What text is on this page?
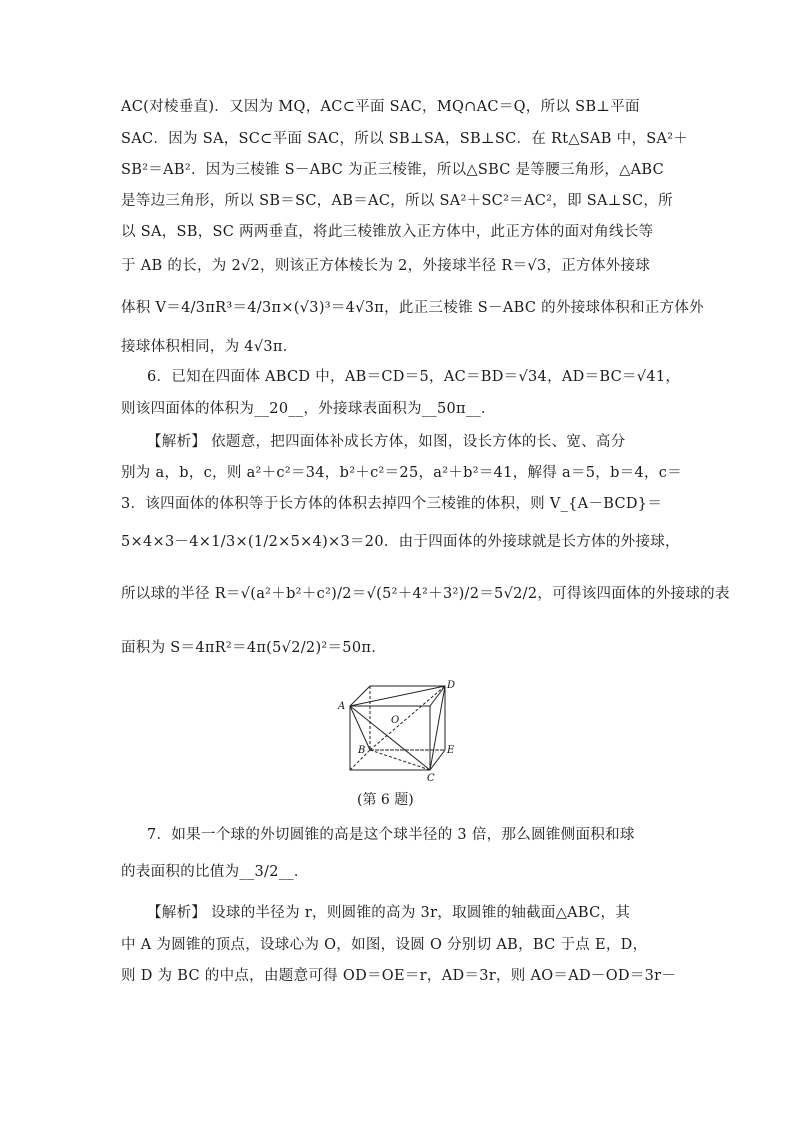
AC(对棱垂直)．又因为 MQ，AC⊂平面 SAC，MQ∩AC＝Q，所以 SB⊥平面
SAC．因为 SA，SC⊂平面 SAC，所以 SB⊥SA，SB⊥SC．在 Rt△SAB 中，SA²＋
SB²＝AB²．因为三棱锥 S－ABC 为正三棱锥，所以△SBC 是等腰三角形，△ABC
是等边三角形，所以 SB＝SC，AB＝AC，所以 SA²＋SC²＝AC²，即 SA⊥SC，所
以 SA，SB，SC 两两垂直，将此三棱锥放入正方体中，此正方体的面对角线长等
于 AB 的长，为 2√2，则该正方体棱长为 2，外接球半径 R＝√3，正方体外接球
体积 V＝4/3πR³＝4/3π×(√3)³＝4√3π，此正三棱锥 S－ABC 的外接球体积和正方体外
接球体积相同，为 4√3π．
6．已知在四面体 ABCD 中，AB＝CD＝5，AC＝BD＝√34，AD＝BC＝√41，
则该四面体的体积为__20__，外接球表面积为__50π__．
【解析】 依题意，把四面体补成长方体，如图，设长方体的长、宽、高分
别为 a，b，c，则 a²＋c²＝34，b²＋c²＝25，a²＋b²＝41，解得 a＝5，b＝4，c＝
3．该四面体的体积等于长方体的体积去掉四个三棱锥的体积，则 V_{A－BCD}＝
5×4×3－4×1/3×(1/2×5×4)×3＝20．由于四面体的外接球就是长方体的外接球，
所以球的半径 R＝√(a²＋b²＋c²)/2＝√(5²＋4²＋3²)/2＝5√2/2，可得该四面体的外接球的表
面积为 S＝4πR²＝4π(5√2/2)²＝50π．
A
D
O
B	E
C
(第 6 题)
7．如果一个球的外切圆锥的高是这个球半径的 3 倍，那么圆锥侧面积和球
的表面积的比值为__3/2__．
【解析】 设球的半径为 r，则圆锥的高为 3r，取圆锥的轴截面△ABC，其
中 A 为圆锥的顶点，设球心为 O，如图，设圆 O 分别切 AB，BC 于点 E，D，
则 D 为 BC 的中点，由题意可得 OD＝OE＝r，AD＝3r，则 AO＝AD－OD＝3r－
